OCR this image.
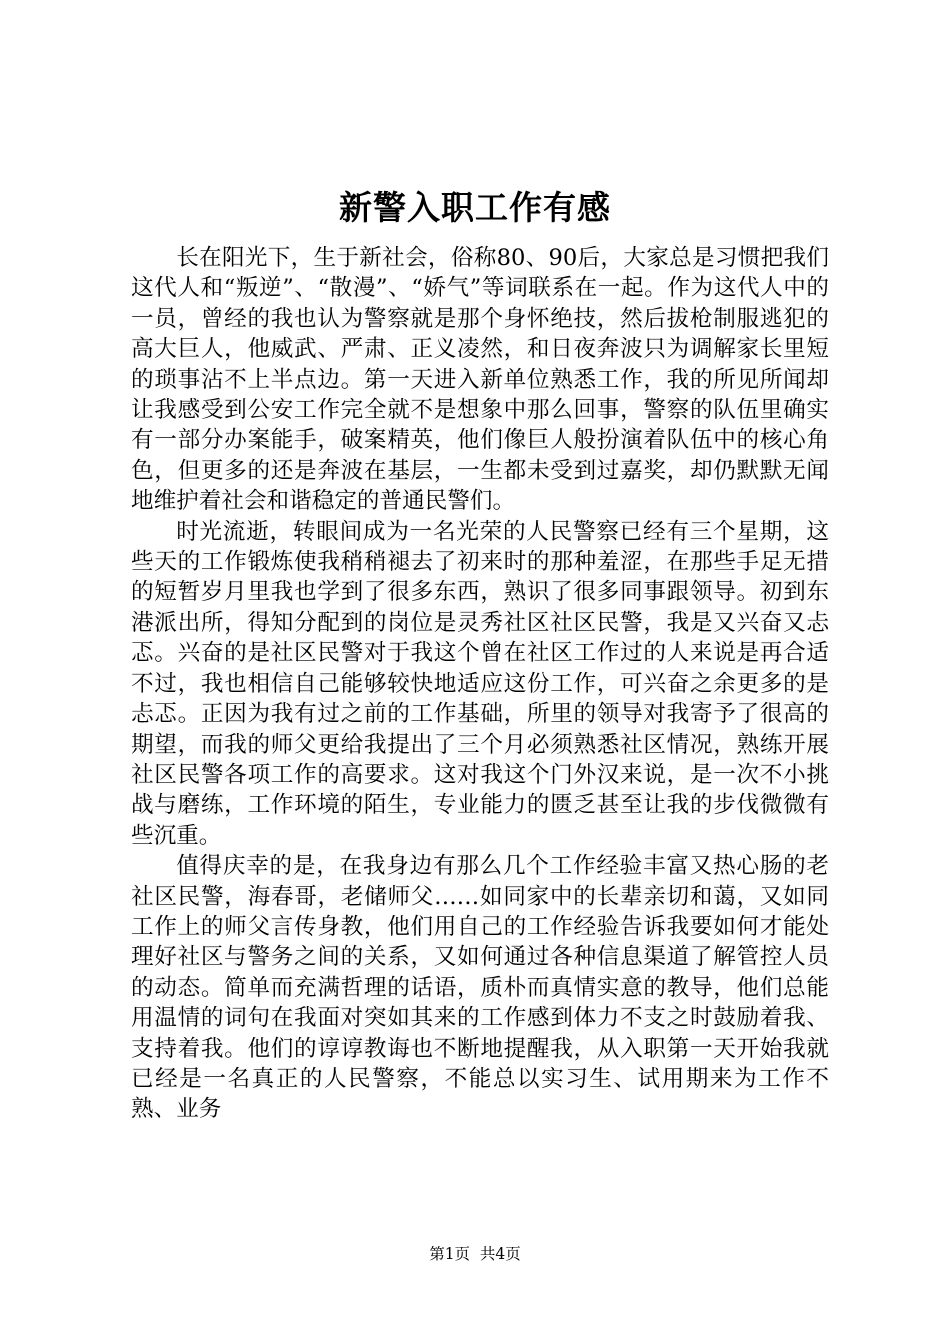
新警入职工作有感

长在阳光下，生于新社会，俗称80、90后，大家总是习惯把我们这代人和“叛逆”、“散漫”、“娇气”等词联系在一起。作为这代人中的一员，曾经的我也认为警察就是那个身怀绝技，然后拔枪制服逃犯的高大巨人，他威武、严肃、正义凌然，和日夜奔波只为调解家长里短的琐事沾不上半点边。第一天进入新单位熟悉工作，我的所见所闻却让我感受到公安工作完全就不是想象中那么回事，警察的队伍里确实有一部分办案能手，破案精英，他们像巨人般扮演着队伍中的核心角色，但更多的还是奔波在基层，一生都未受到过嘉奖，却仍默默无闻地维护着社会和谐稳定的普通民警们。

时光流逝，转眼间成为一名光荣的人民警察已经有三个星期，这些天的工作锻炼使我稍稍褪去了初来时的那种羞涩，在那些手足无措的短暂岁月里我也学到了很多东西，熟识了很多同事跟领导。初到东港派出所，得知分配到的岗位是灵秀社区社区民警，我是又兴奋又忐忑。兴奋的是社区民警对于我这个曾在社区工作过的人来说是再合适不过，我也相信自己能够较快地适应这份工作，可兴奋之余更多的是忐忑。正因为我有过之前的工作基础，所里的领导对我寄予了很高的期望，而我的师父更给我提出了三个月必须熟悉社区情况，熟练开展社区民警各项工作的高要求。这对我这个门外汉来说，是一次不小挑战与磨练，工作环境的陌生，专业能力的匮乏甚至让我的步伐微微有些沉重。

值得庆幸的是，在我身边有那么几个工作经验丰富又热心肠的老社区民警，海春哥，老储师父……如同家中的长辈亲切和蔼，又如同工作上的师父言传身教，他们用自己的工作经验告诉我要如何才能处理好社区与警务之间的关系，又如何通过各种信息渠道了解管控人员的动态。简单而充满哲理的话语，质朴而真情实意的教导，他们总能用温情的词句在我面对突如其来的工作感到体力不支之时鼓励着我、支持着我。他们的谆谆教诲也不断地提醒我，从入职第一天开始我就已经是一名真正的人民警察，不能总以实习生、试用期来为工作不熟、业务

第1页 共4页
